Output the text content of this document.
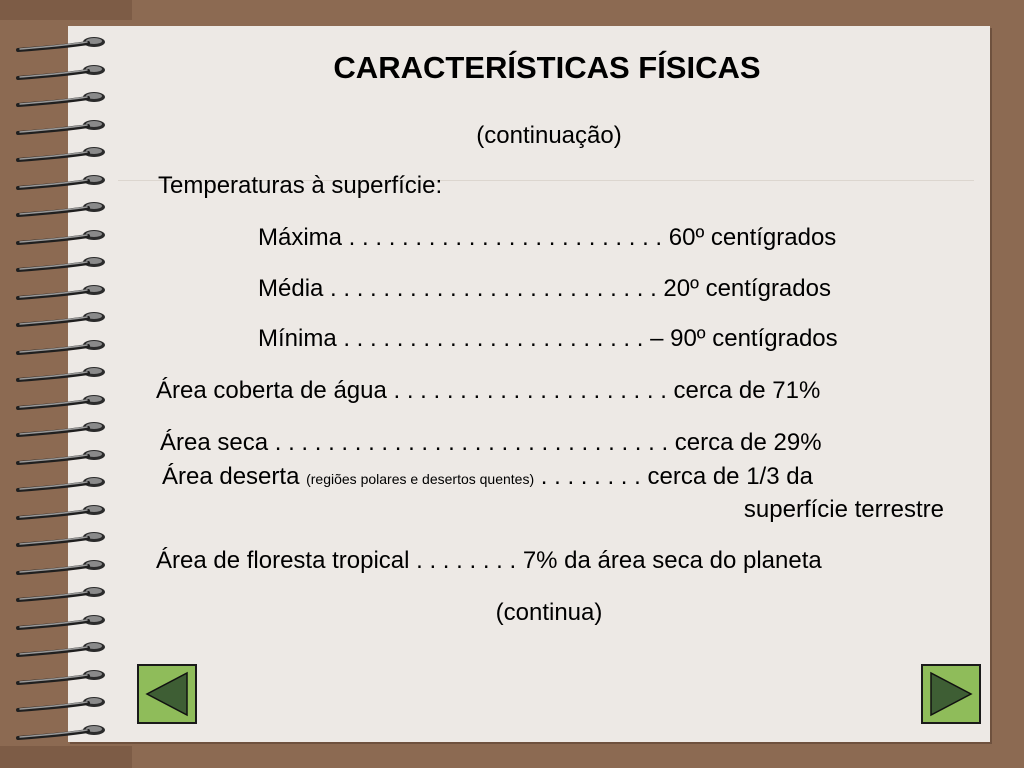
CARACTERÍSTICAS FÍSICAS
(continuação)
Temperaturas à superfície:
Máxima . . . . . . . . . . . . . . . . . . . . . . . . 60º centígrados
Média . . . . . . . . . . . . . . . . . . . . . . . . . 20º centígrados
Mínima . . . . . . . . . . . . . . . . . . . . . . . – 90º centígrados
Área coberta de água . . . . . . . . . . . . . . . . . . . . . cerca de 71%
Área seca . . . . . . . . . . . . . . . . . . . . . . . . . . . . . . cerca de 29%
Área deserta (regiões polares e desertos quentes) . . . . . . . . cerca de 1/3 da
superfície terrestre
Área de floresta tropical . . . . . . . . 7% da área seca do planeta
(continua)
